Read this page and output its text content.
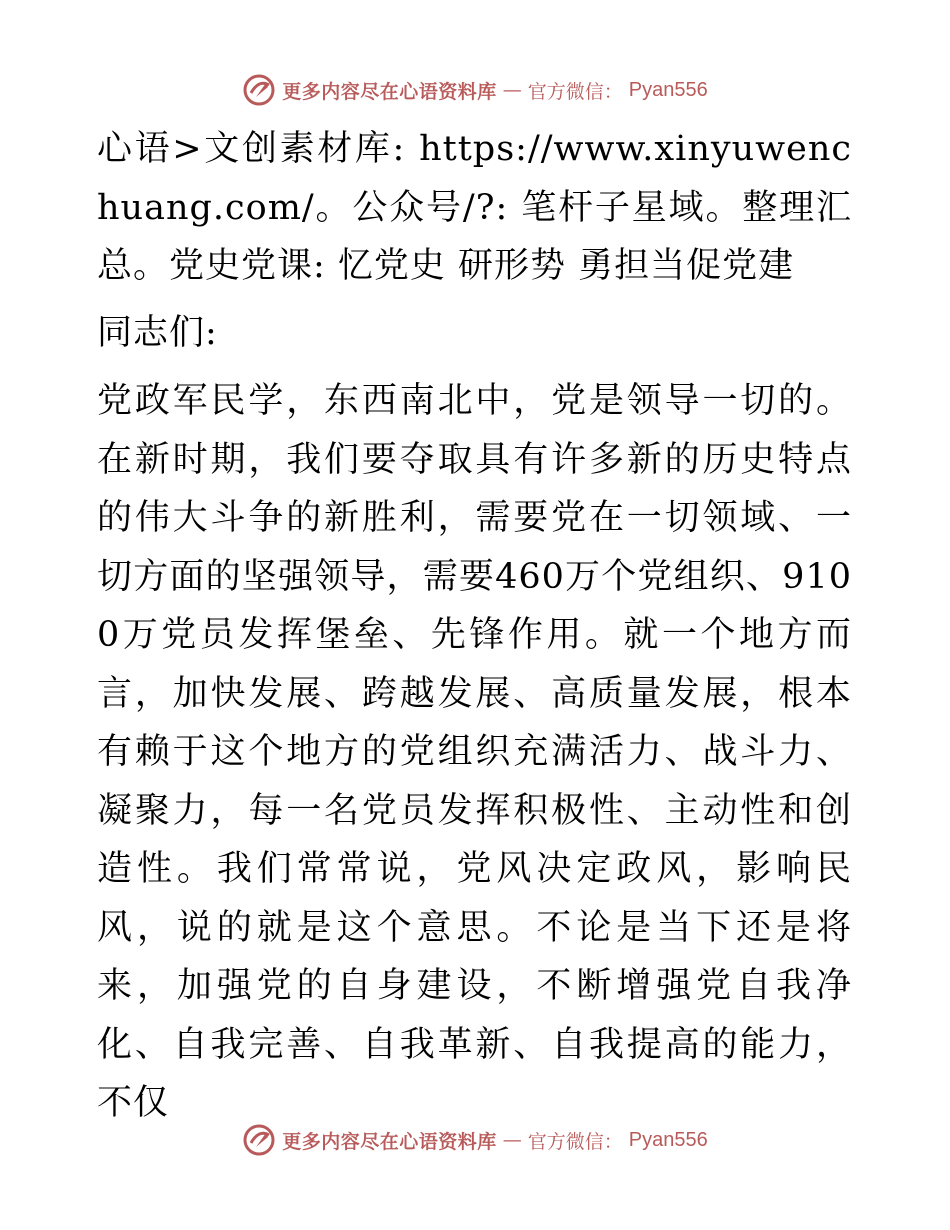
更多内容尽在心语资料库 — 官方微信： Pyan556

心语>文创素材库: https://www.xinyuwenchuang.com/。公众号/?: 笔杆子星域。整理汇总。党史党课: 忆党史 研形势 勇担当促党建

同志们:

党政军民学，东西南北中，党是领导一切的。在新时期，我们要夺取具有许多新的历史特点的伟大斗争的新胜利，需要党在一切领域、一切方面的坚强领导，需要460万个党组织、9100万党员发挥堡垒、先锋作用。就一个地方而言，加快发展、跨越发展、高质量发展，根本有赖于这个地方的党组织充满活力、战斗力、凝聚力，每一名党员发挥积极性、主动性和创造性。我们常常说，党风决定政风，影响民风，说的就是这个意思。不论是当下还是将来，加强党的自身建设，不断增强党自我净化、自我完善、自我革新、自我提高的能力，不仅

更多内容尽在心语资料库 — 官方微信： Pyan556
